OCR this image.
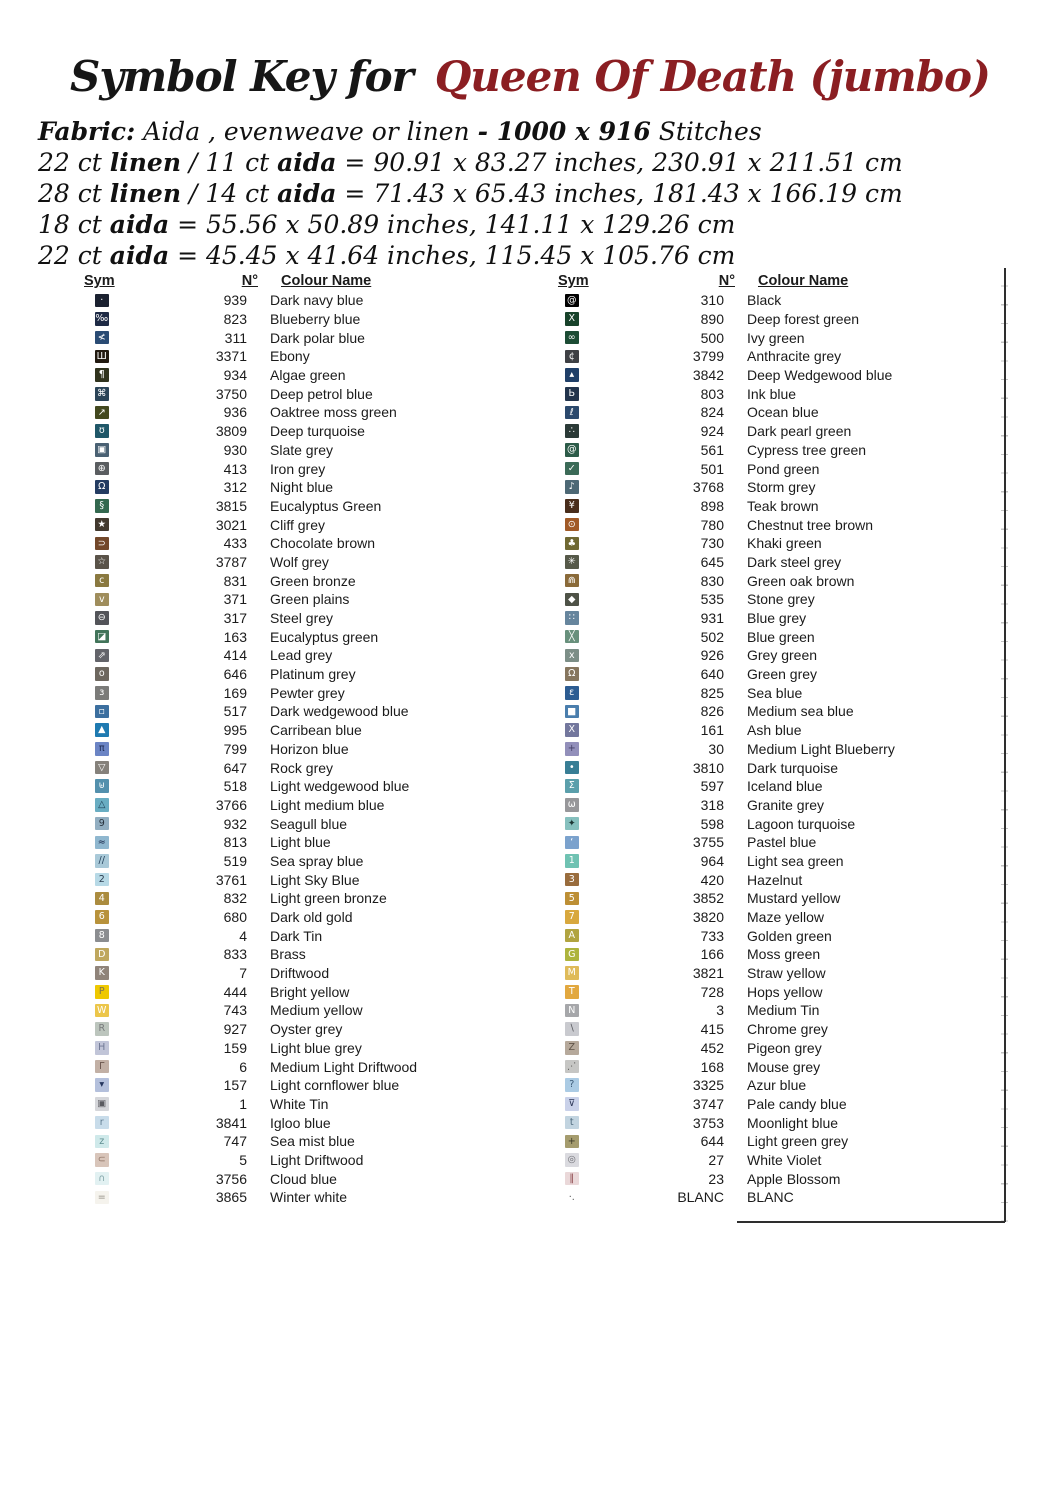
Symbol Key for Queen Of Death (jumbo)
Fabric: Aida , evenweave or linen - 1000 x 916 Stitches
22 ct linen / 11 ct aida = 90.91 x 83.27 inches, 230.91 x 211.51 cm
28 ct linen / 14 ct aida = 71.43 x 65.43 inches, 181.43 x 166.19 cm
18 ct aida = 55.56 x 50.89 inches, 141.11 x 129.26 cm
22 ct aida = 45.45 x 41.64 inches, 115.45 x 105.76 cm
Sym	N° Colour Name
·	939 Dark navy blue
‰	823 Blueberry blue
≮	311 Dark polar blue
Ш	3371 Ebony
¶	934 Algae green
⌘	3750 Deep petrol blue
↗	936 Oaktree moss green
ʊ	3809 Deep turquoise
▣	930 Slate grey
⊕	413 Iron grey
Ω	312 Night blue
§	3815 Eucalyptus Green
★	3021 Cliff grey
⊃	433 Chocolate brown
☆	3787 Wolf grey
c	831 Green bronze
v	371 Green plains
⊖	317 Steel grey
◪	163 Eucalyptus green
⇗	414 Lead grey
o	646 Platinum grey
ɜ	169 Pewter grey
▫	517 Dark wedgewood blue
▲	995 Carribean blue
π	799 Horizon blue
▽	647 Rock grey
⊎	518 Light wedgewood blue
△	3766 Light medium blue
9	932 Seagull blue
≈	813 Light blue
//	519 Sea spray blue
2	3761 Light Sky Blue
4	832 Light green bronze
6	680 Dark old gold
8	4 Dark Tin
D	833 Brass
K	7 Driftwood
P	444 Bright yellow
W	743 Medium yellow
R	927 Oyster grey
H	159 Light blue grey
Γ	6 Medium Light Driftwood
▾	157 Light cornflower blue
▣	1 White Tin
r	3841 Igloo blue
z	747 Sea mist blue
⊂	5 Light Driftwood
∩	3756 Cloud blue
=	3865 Winter white
Sym	N° Colour Name
@	310 Black
X	890 Deep forest green
∞	500 Ivy green
¢	3799 Anthracite grey
▴	3842 Deep Wedgewood blue
Ь	803 Ink blue
ℓ	824 Ocean blue
∴	924 Dark pearl green
@	561 Cypress tree green
✓	501 Pond green
♪	3768 Storm grey
¥	898 Teak brown
⊙	780 Chestnut tree brown
♣	730 Khaki green
✳	645 Dark steel grey
⋒	830 Green oak brown
◆	535 Stone grey
∷	931 Blue grey
╳	502 Blue green
x	926 Grey green
Ω	640 Green grey
ε	825 Sea blue
■	826 Medium sea blue
Χ	161 Ash blue
+	30 Medium Light Blueberry
•	3810 Dark turquoise
Σ	597 Iceland blue
ω	318 Granite grey
✦	598 Lagoon turquoise
‘	3755 Pastel blue
1	964 Light sea green
3	420 Hazelnut
5	3852 Mustard yellow
7	3820 Maze yellow
A	733 Golden green
G	166 Moss green
M	3821 Straw yellow
T	728 Hops yellow
N	3 Medium Tin
∖	415 Chrome grey
Z	452 Pigeon grey
⋰	168 Mouse grey
?	3325 Azur blue
⊽	3747 Pale candy blue
t	3753 Moonlight blue
+	644 Light green grey
◎	27 White Violet
‖	23 Apple Blossom
·.	BLANC BLANC
